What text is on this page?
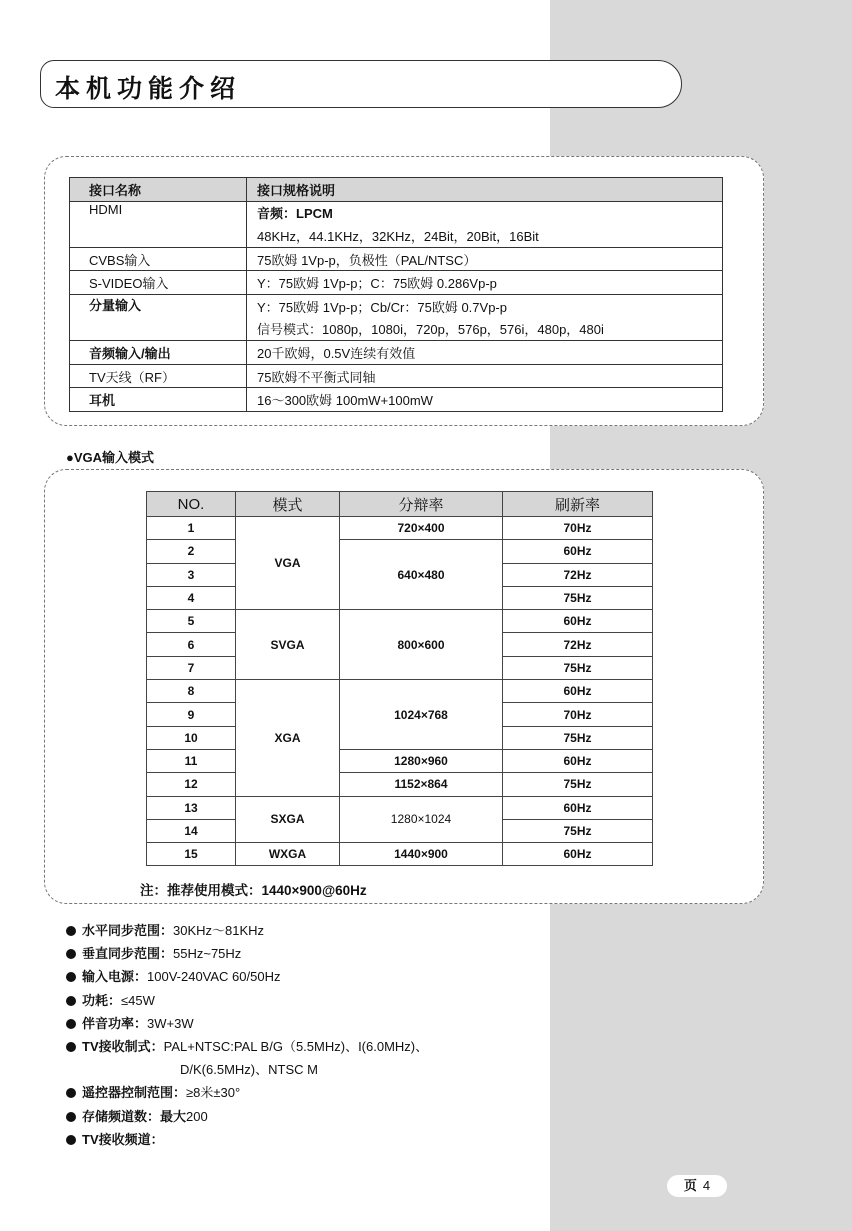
本机功能介绍
接口名称	接口规格说明
HDMI	音频：LPCM
	48KHz，44.1KHz，32KHz，24Bit，20Bit，16Bit
CVBS输入	75欧姆 1Vp-p，负极性（PAL/NTSC）
S-VIDEO输入	Y：75欧姆 1Vp-p；C：75欧姆 0.286Vp-p
分量输入	Y：75欧姆 1Vp-p；Cb/Cr：75欧姆 0.7Vp-p
	信号模式：1080p，1080i，720p，576p，576i，480p，480i
音频输入/输出	20千欧姆，0.5V连续有效值
TV天线（RF）	75欧姆不平衡式同轴
耳机	16～300欧姆 100mW+100mW
●VGA输入模式
NO.	模式	分辩率	刷新率
1	VGA	720×400	70Hz
2		640×480	60Hz
3			72Hz
4			75Hz
5	SVGA	800×600	60Hz
6			72Hz
7			75Hz
8	XGA	1024×768	60Hz
9			70Hz
10			75Hz
11		1280×960	60Hz
12		1152×864	75Hz
13	SXGA	1280×1024	60Hz
14			75Hz
15	WXGA	1440×900	60Hz
注：推荐使用模式：1440×900@60Hz
水平同步范围：30KHz～81KHz
垂直同步范围：55Hz~75Hz
输入电源：100V-240VAC 60/50Hz
功耗：≤45W
伴音功率：3W+3W
TV接收制式：PAL+NTSC:PAL B/G（5.5MHz)、I(6.0MHz)、
D/K(6.5MHz)、NTSC M
遥控器控制范围：≥8米±30°
存储频道数：最大200
TV接收频道：
页 4
